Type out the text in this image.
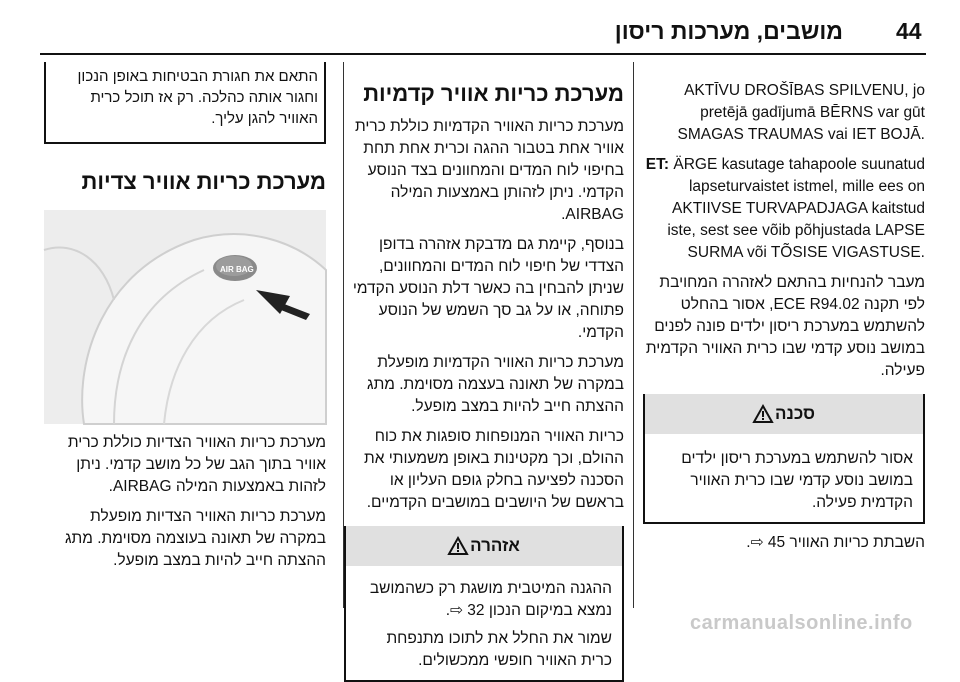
44
מושבים, מערכות ריסון
התאם את חגורת הבטיחות באופן הנכון וחגור אותה כהלכה. רק אז תוכל כרית האוויר להגן עליך.
מערכת כריות אוויר צדיות
AIR BAG

מערכת כריות האוויר הצדיות כוללת כרית אוויר בתוך הגב של כל מושב קדמי. ניתן לזהות באמצעות המילה AIRBAG.

מערכת כריות האוויר הצדיות מופעלת במקרה של תאונה בעוצמה מסוימת. מתג ההצתה חייב להיות במצב מופעל.

מערכת כריות אוויר קדמיות

מערכת כריות האוויר הקדמיות כוללת כרית אוויר אחת בטבור ההגה וכרית אחת תחת בחיפוי לוח המדים והמחוונים בצד הנוסע הקדמי. ניתן לזהותן באמצעות המילה AIRBAG.

בנוסף, קיימת גם מדבקת אזהרה בדופן הצדדי של חיפוי לוח המדים והמחוונים, שניתן להבחין בה כאשר דלת הנוסע הקדמי פתוחה, או על גב סך השמש של הנוסע הקדמי.

מערכת כריות האוויר הקדמיות מופעלת במקרה של תאונה בעצמה מסוימת. מתג ההצתה חייב להיות במצב מופעל.

כריות האוויר המנופחות סופגות את כוח ההולם, וכך מקטינות באופן משמעותי את הסכנה לפציעה בחלק גופם העליון או בראשם של היושבים במושבים הקדמיים.

אזהרה

ההגנה המיטבית מושגת רק כשהמושב נמצא במיקום הנכון 32 ⇨.

שמור את החלל את לתוכו מתנפחת כרית האוויר חופשי ממכשולים.

AKTĪVU DROŠĪBAS SPILVENU, jo pretējā gadījumā BĒRNS var gūt SMAGAS TRAUMAS vai IET BOJĀ.
ET: ÄRGE kasutage tahapoole suunatud lapseturvaistet istmel, mille ees on AKTIIVSE TURVAPADJAGA kaitstud iste, sest see võib põhjustada LAPSE SURMA või TÕSISE VIGASTUSE.

מעבר להנחיות בהתאם לאזהרה המחויבת לפי תקנה ECE R94.02, אסור בהחלט להשתמש במערכת ריסון ילדים פונה לפנים במושב נוסע קדמי שבו כרית האוויר הקדמית פעילה.

סכנה

אסור להשתמש במערכת ריסון ילדים במושב נוסע קדמי שבו כרית האוויר הקדמית פעילה.

השבתת כריות האוויר 45 ⇨.

carmanualsonline.info
